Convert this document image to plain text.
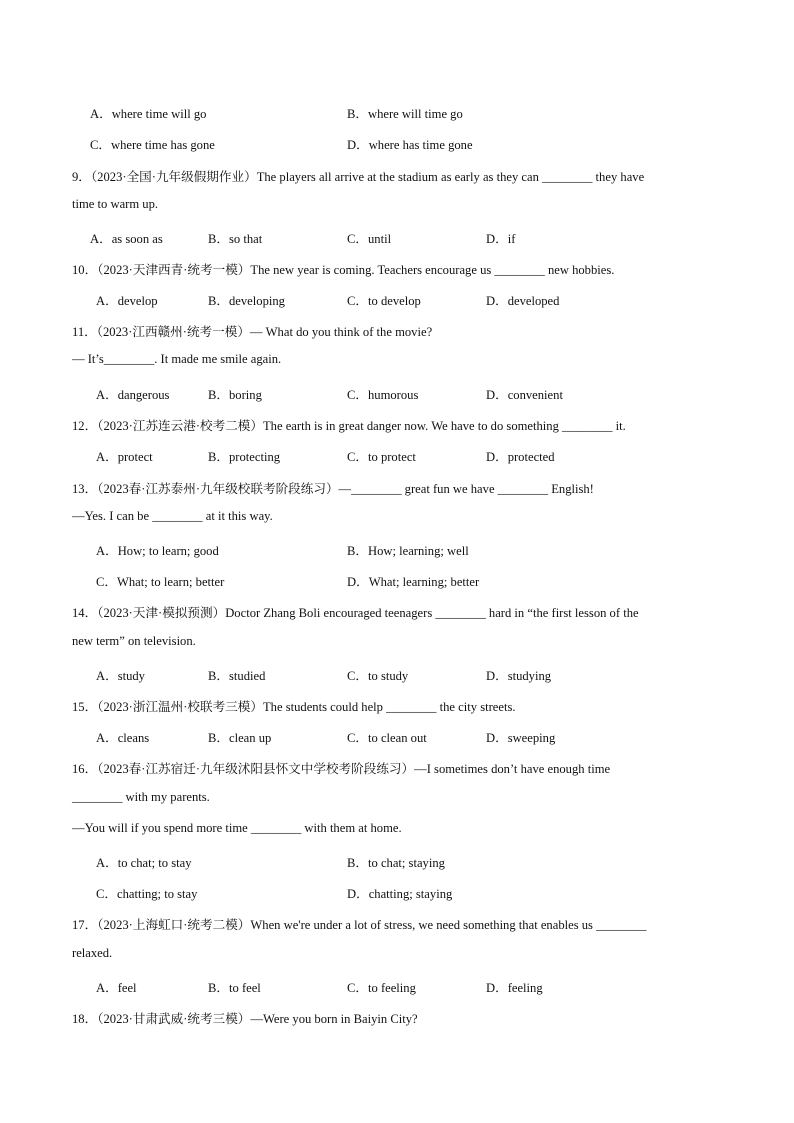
A．where time will go	B．where will time go
C．where time has gone	D．where has time gone
9．（2023·全国·九年级假期作业）The players all arrive at the stadium as early as they can ________ they have
time to warm up.
A．as soon as	B．so that	C．until	D．if
10．（2023·天津西青·统考一模）The new year is coming. Teachers encourage us ________ new hobbies.
A．develop	B．developing	C．to develop	D．developed
11．（2023·江西赣州·统考一模）— What do you think of the movie?
— It’s________. It made me smile again.
A．dangerous	B．boring	C．humorous	D．convenient
12．（2023·江苏连云港·校考二模）The earth is in great danger now. We have to do something ________ it.
A．protect	B．protecting	C．to protect	D．protected
13．（2023春·江苏泰州·九年级校联考阶段练习）—________ great fun we have ________ English!
—Yes. I can be ________ at it this way.
A．How; to learn; good	B．How; learning; well
C．What; to learn; better	D．What; learning; better
14．（2023·天津·模拟预测）Doctor Zhang Boli encouraged teenagers ________ hard in “the first lesson of the
new term” on television.
A．study	B．studied	C．to study	D．studying
15．（2023·浙江温州·校联考三模）The students could help ________ the city streets.
A．cleans	B．clean up	C．to clean out	D．sweeping
16．（2023春·江苏宿迁·九年级沭阳县怀文中学校考阶段练习）—I sometimes don’t have enough time
________ with my parents.
—You will if you spend more time ________ with them at home.
A．to chat; to stay	B．to chat; staying
C．chatting; to stay	D．chatting; staying
17．（2023·上海虹口·统考二模）When we're under a lot of stress, we need something that enables us ________
relaxed.
A．feel	B．to feel	C．to feeling	D．feeling
18．（2023·甘肃武威·统考三模）—Were you born in Baiyin City?
